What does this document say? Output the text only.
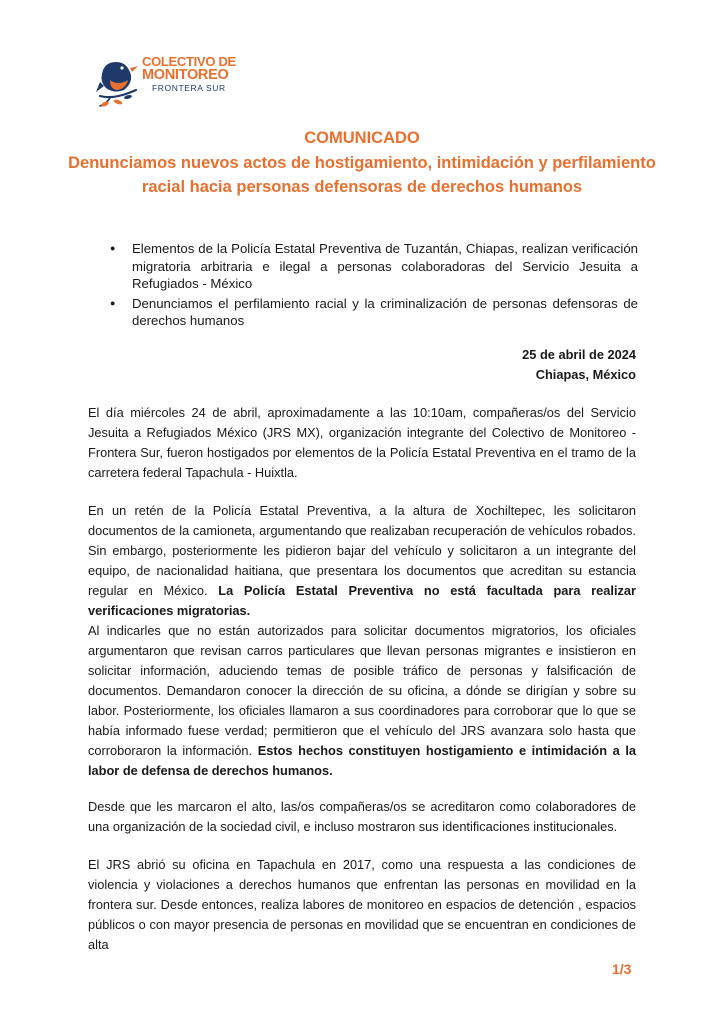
COLECTIVO DE
MONITOREO
FRONTERA SUR
COMUNICADO
Denunciamos nuevos actos de hostigamiento, intimidación y perfilamiento racial hacia personas defensoras de derechos humanos
● Elementos de la Policía Estatal Preventiva de Tuzantán, Chiapas, realizan verificación migratoria arbitraria e ilegal a personas colaboradoras del Servicio Jesuita a Refugiados - México
● Denunciamos el perfilamiento racial y la criminalización de personas defensoras de derechos humanos
25 de abril de 2024
Chiapas, México

El día miércoles 24 de abril, aproximadamente a las 10:10am, compañeras/os del Servicio Jesuita a Refugiados México (JRS MX), organización integrante del Colectivo de Monitoreo - Frontera Sur, fueron hostigados por elementos de la Policía Estatal Preventiva en el tramo de la carretera federal Tapachula - Huixtla.

En un retén de la Policía Estatal Preventiva, a la altura de Xochiltepec, les solicitaron documentos de la camioneta, argumentando que realizaban recuperación de vehículos robados. Sin embargo, posteriormente les pidieron bajar del vehículo y solicitaron a un integrante del equipo, de nacionalidad haitiana, que presentara los documentos que acreditan su estancia regular en México. La Policía Estatal Preventiva no está facultada para realizar verificaciones migratorias.

Al indicarles que no están autorizados para solicitar documentos migratorios, los oficiales argumentaron que revisan carros particulares que llevan personas migrantes e insistieron en solicitar información, aduciendo temas de posible tráfico de personas y falsificación de documentos. Demandaron conocer la dirección de su oficina, a dónde se dirigían y sobre su labor. Posteriormente, los oficiales llamaron a sus coordinadores para corroborar que lo que se había informado fuese verdad; permitieron que el vehículo del JRS avanzara solo hasta que corroboraron la información. Estos hechos constituyen hostigamiento e intimidación a la labor de defensa de derechos humanos.

Desde que les marcaron el alto, las/os compañeras/os se acreditaron como colaboradores de una organización de la sociedad civil, e incluso mostraron sus identificaciones institucionales.

El JRS abrió su oficina en Tapachula en 2017, como una respuesta a las condiciones de violencia y violaciones a derechos humanos que enfrentan las personas en movilidad en la frontera sur. Desde entonces, realiza labores de monitoreo en espacios de detención , espacios públicos o con mayor presencia de personas en movilidad que se encuentran en condiciones de alta

1/3
